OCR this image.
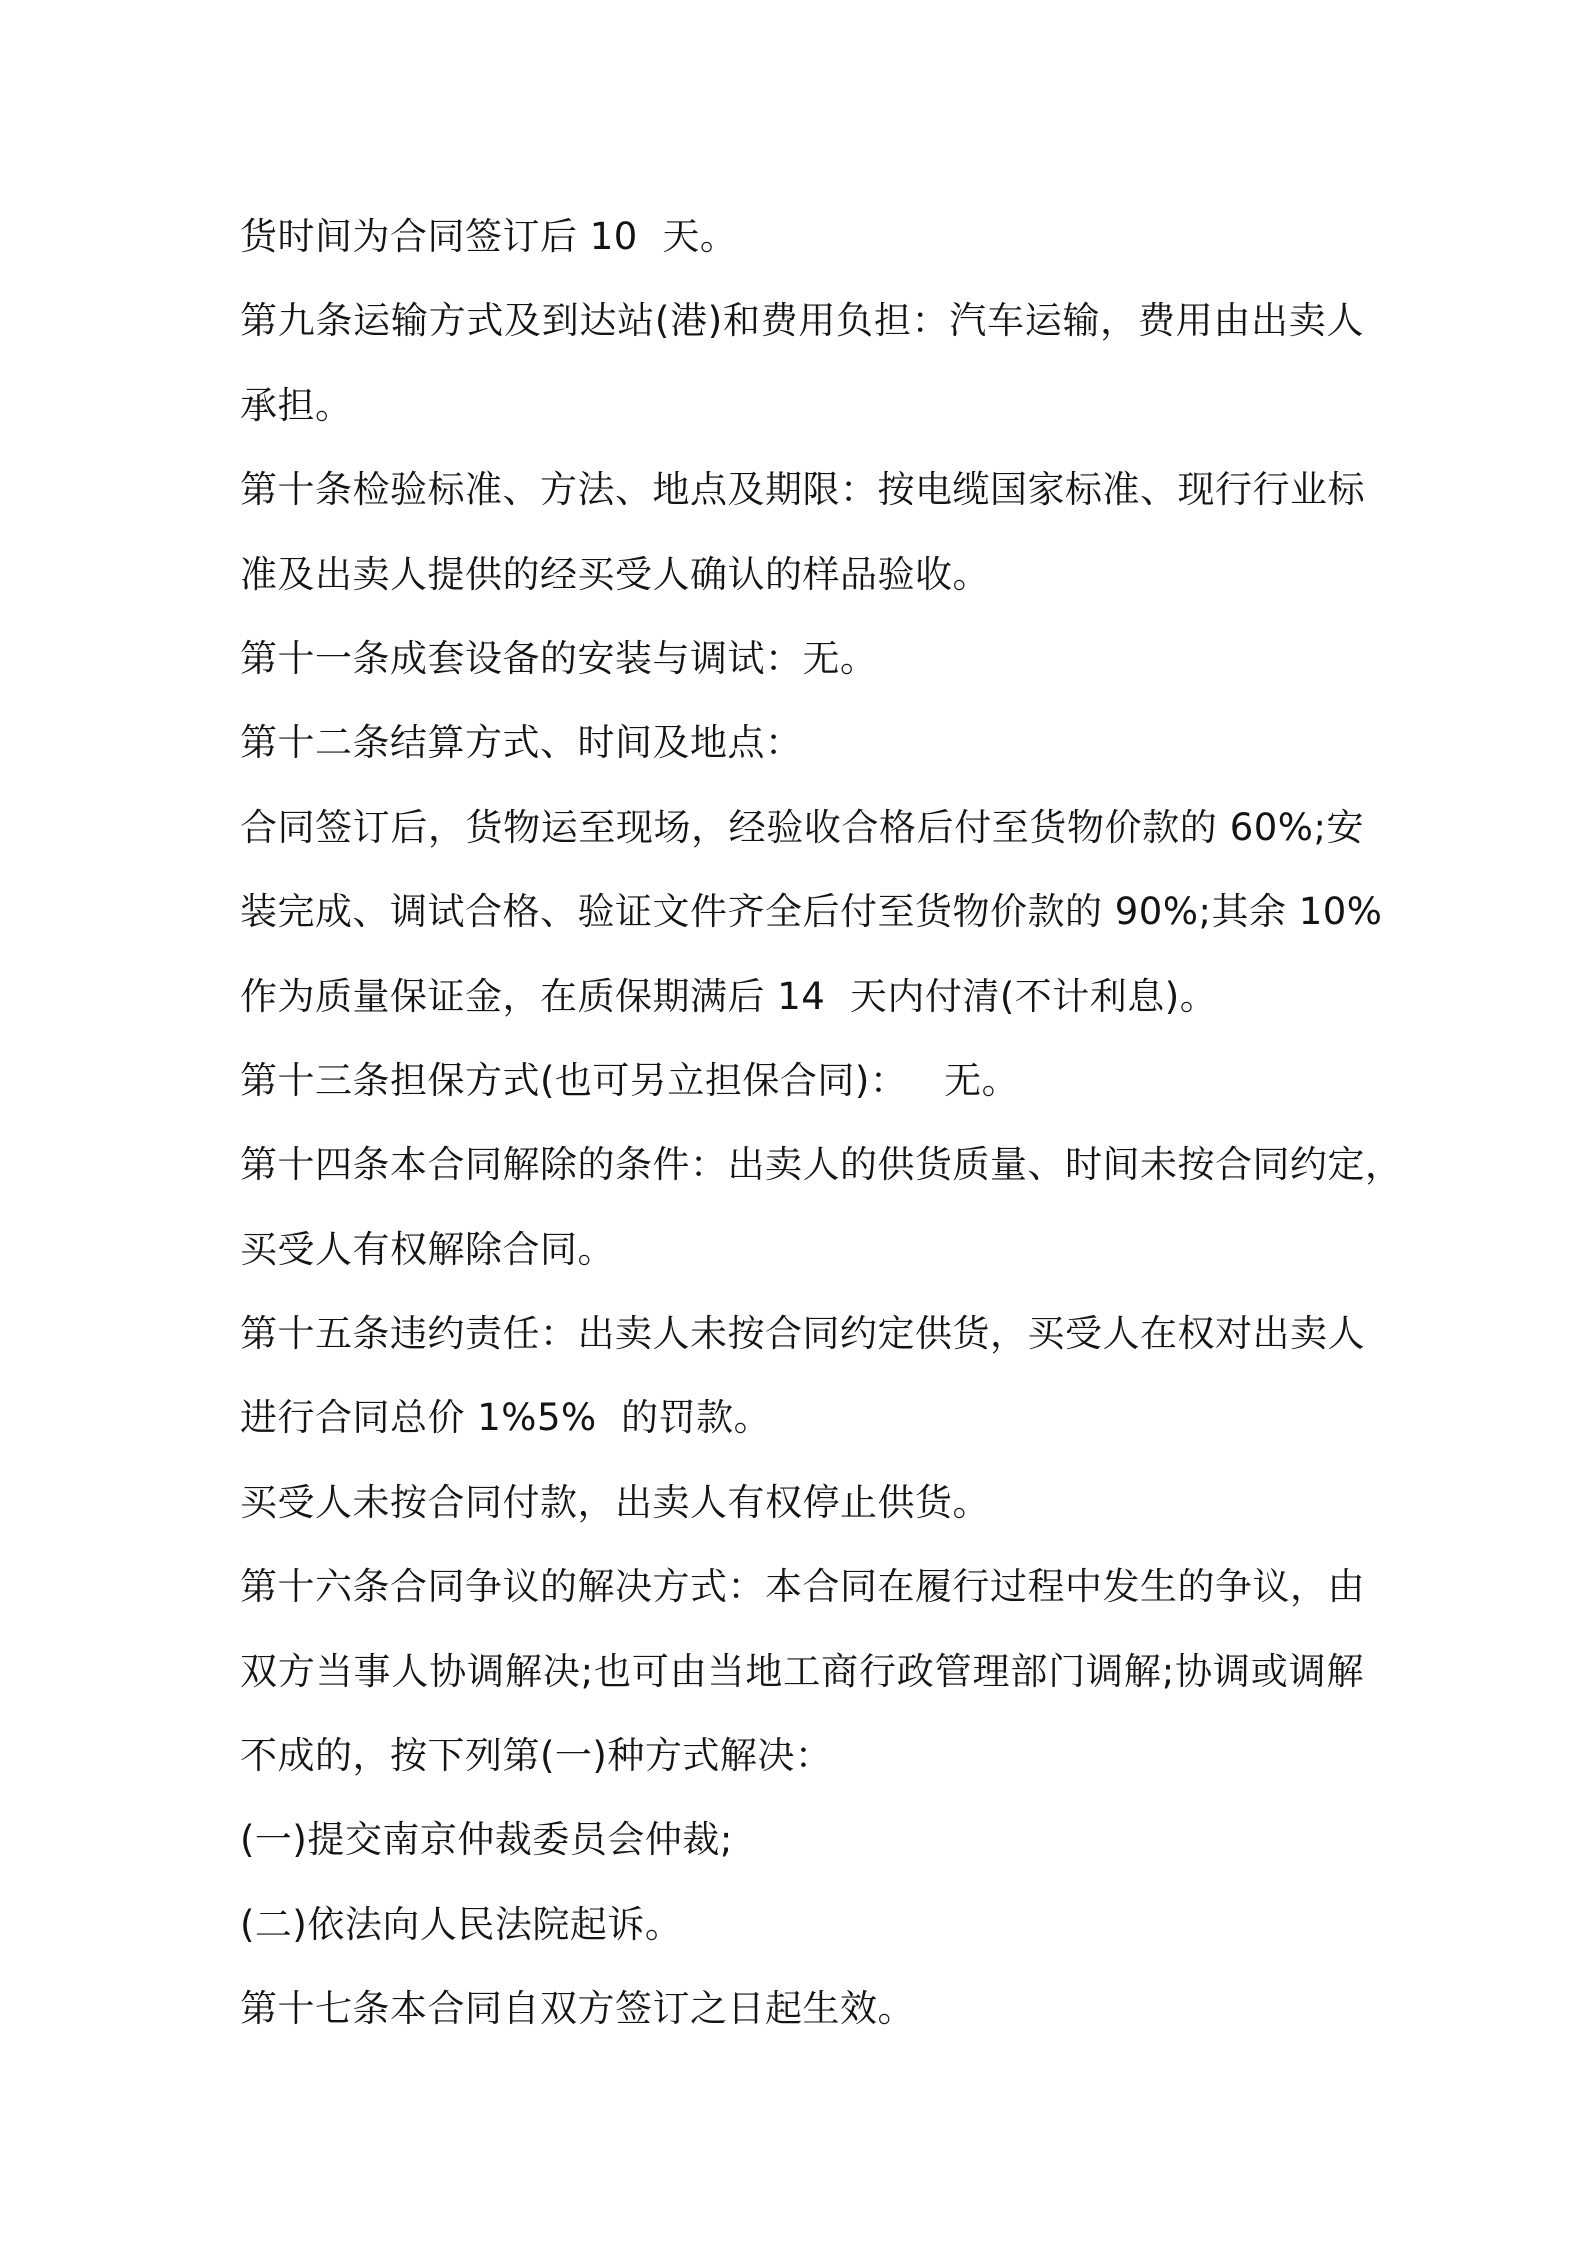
货时间为合同签订后 10  天。
第九条运输方式及到达站(港)和费用负担：汽车运输，费用由出卖人
承担。
第十条检验标准、方法、地点及期限：按电缆国家标准、现行行业标
准及出卖人提供的经买受人确认的样品验收。
第十一条成套设备的安装与调试：无。
第十二条结算方式、时间及地点：
合同签订后，货物运至现场，经验收合格后付至货物价款的 60%;安
装完成、调试合格、验证文件齐全后付至货物价款的 90%;其余 10%
作为质量保证金，在质保期满后 14  天内付清(不计利息)。
第十三条担保方式(也可另立担保合同)：   无。
第十四条本合同解除的条件：出卖人的供货质量、时间未按合同约定，
买受人有权解除合同。
第十五条违约责任：出卖人未按合同约定供货，买受人在权对出卖人
进行合同总价 1%5%  的罚款。
买受人未按合同付款，出卖人有权停止供货。
第十六条合同争议的解决方式：本合同在履行过程中发生的争议，由
双方当事人协调解决;也可由当地工商行政管理部门调解;协调或调解
不成的，按下列第(一)种方式解决：
(一)提交南京仲裁委员会仲裁;
(二)依法向人民法院起诉。
第十七条本合同自双方签订之日起生效。
